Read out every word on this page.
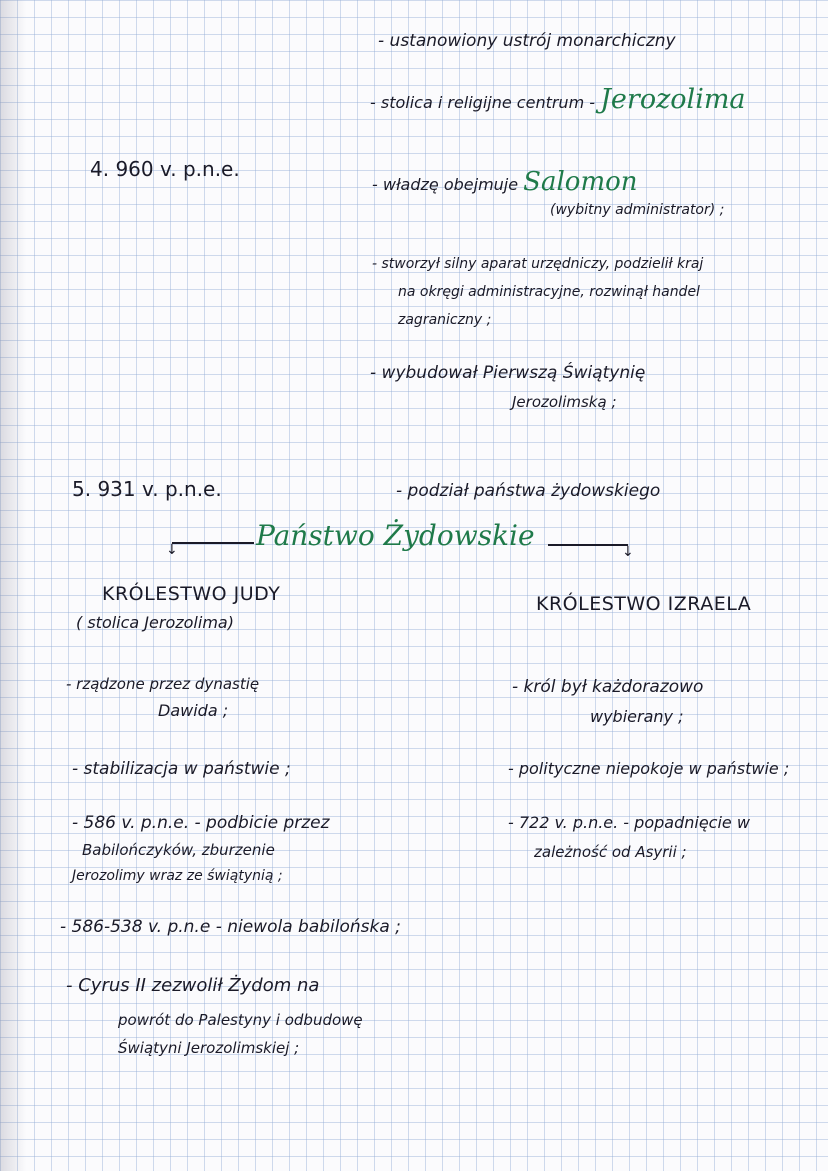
- ustanowiony ustrój monarchiczny
- stolica i religijne centrum - Jerozolima
4. 960 v. p.n.e.
- władzę obejmuje Salomon
(wybitny administrator) ;
- stworzył silny aparat urzędniczy, podzielił kraj
na okręgi administracyjne, rozwinął handel
zagraniczny ;
- wybudował Pierwszą Świątynię
Jerozolimską ;
5. 931 v. p.n.e.	- podział państwa żydowskiego
↓	Państwo Żydowskie	↓
KRÓLESTWO JUDY
( stolica Jerozolima)
- rządzone przez dynastię
Dawida ;
- stabilizacja w państwie ;
- 586 v. p.n.e. - podbicie przez
Babilończyków, zburzenie
Jerozolimy wraz ze świątynią ;
- 586-538 v. p.n.e - niewola babilońska ;
- Cyrus II zezwolił Żydom na
powrót do Palestyny i odbudowę
Świątyni Jerozolimskiej ;
KRÓLESTWO IZRAELA
- król był każdorazowo
wybierany ;
- polityczne niepokoje w państwie ;
- 722 v. p.n.e. - popadnięcie w
zależność od Asyrii ;
